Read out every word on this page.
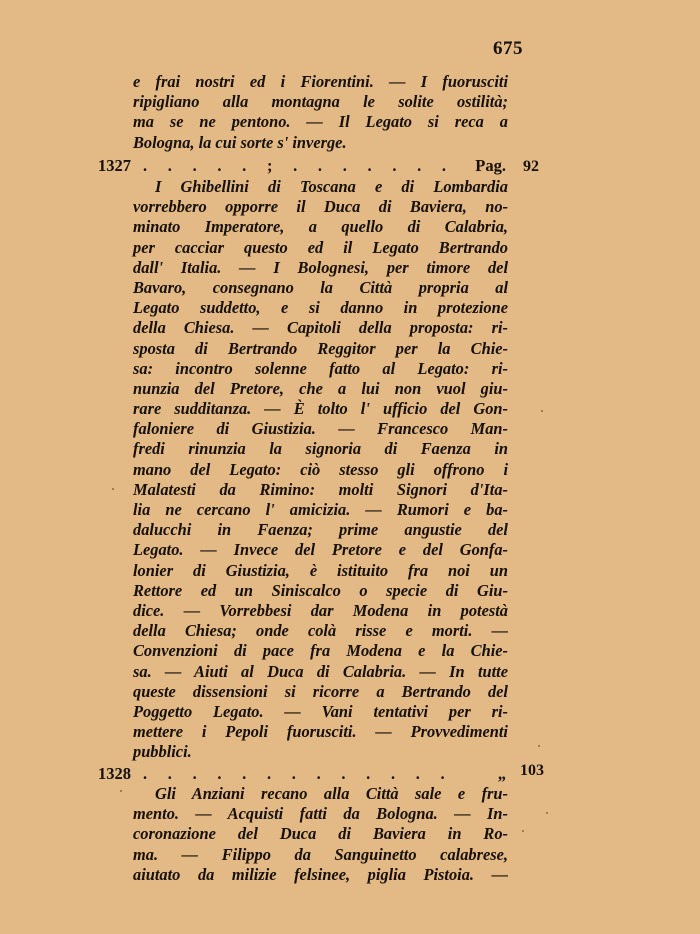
675
e frai nostri ed i Fiorentini. — I fuorusciti
ripigliano alla montagna le solite ostilità;
ma se ne pentono. — Il Legato si reca a
Bologna, la cui sorte s' inverge.
1327 . . . . . ; . . . . . . .	Pag. 92
I Ghibellini di Toscana e di Lombardia
vorrebbero opporre il Duca di Baviera, no-
minato Imperatore, a quello di Calabria,
per cacciar questo ed il Legato Bertrando
dall' Italia. — I Bolognesi, per timore del
Bavaro, consegnano la Città propria al
Legato suddetto, e si danno in protezione
della Chiesa. — Capitoli della proposta: ri-
sposta di Bertrando Reggitor per la Chie-
sa: incontro solenne fatto al Legato: ri-
nunzia del Pretore, che a lui non vuol giu-
rare sudditanza. — È tolto l' ufficio del Gon-
faloniere di Giustizia. — Francesco Man-
fredi rinunzia la signoria di Faenza in
mano del Legato: ciò stesso gli offrono i
Malatesti da Rimino: molti Signori d'Ita-
lia ne cercano l' amicizia. — Rumori e ba-
dalucchi in Faenza; prime angustie del
Legato. — Invece del Pretore e del Gonfa-
lonier di Giustizia, è istituito fra noi un
Rettore ed un Siniscalco o specie di Giu-
dice. — Vorrebbesi dar Modena in potestà
della Chiesa; onde colà risse e morti. —
Convenzioni di pace fra Modena e la Chie-
sa. — Aiuti al Duca di Calabria. — In tutte
queste dissensioni si ricorre a Bertrando del
Poggetto Legato. — Vani tentativi per ri-
mettere i Pepoli fuorusciti. — Provvedimenti
pubblici.
1328 . . . . . . . . . . . . .	„ 103
Gli Anziani recano alla Città sale e fru-
mento. — Acquisti fatti da Bologna. — In-
coronazione del Duca di Baviera in Ro-
ma. — Filippo da Sanguinetto calabrese,
aiutato da milizie felsinee, piglia Pistoia. —
